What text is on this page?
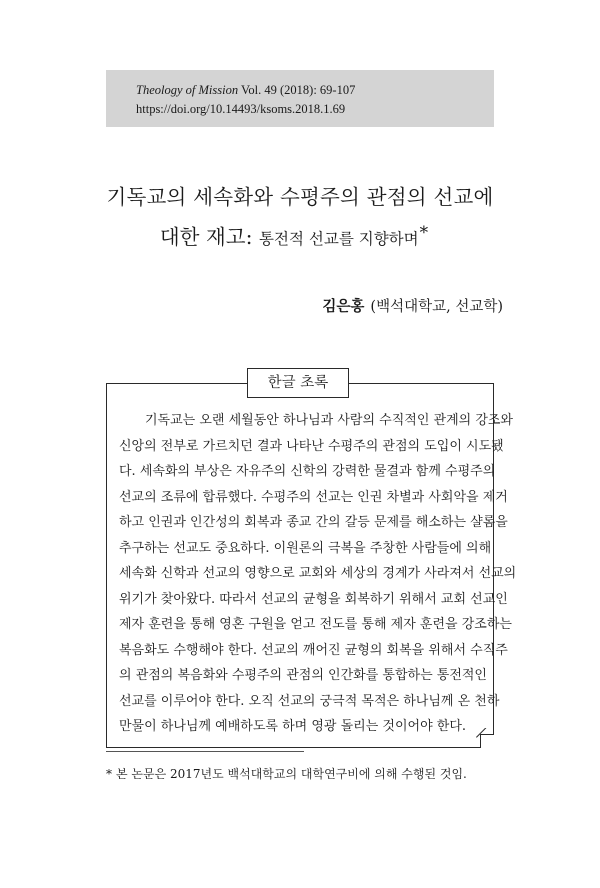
Theology of Mission Vol. 49 (2018): 69-107
https://doi.org/10.14493/ksoms.2018.1.69
기독교의 세속화와 수평주의 관점의 선교에
대한 재고: 통전적 선교를 지향하며*
김은홍 (백석대학교, 선교학)
한글 초록
기독교는 오랜 세월동안 하나님과 사람의 수직적인 관계의 강조와
신앙의 전부로 가르치던 결과 나타난 수평주의 관점의 도입이 시도됐
다. 세속화의 부상은 자유주의 신학의 강력한 물결과 함께 수평주의
선교의 조류에 합류했다. 수평주의 선교는 인권 차별과 사회악을 제거
하고 인권과 인간성의 회복과 종교 간의 갈등 문제를 해소하는 샬롬을
추구하는 선교도 중요하다. 이원론의 극복을 주창한 사람들에 의해
세속화 신학과 선교의 영향으로 교회와 세상의 경계가 사라져서 선교의
위기가 찾아왔다. 따라서 선교의 균형을 회복하기 위해서 교회 선교인
제자 훈련을 통해 영혼 구원을 얻고 전도를 통해 제자 훈련을 강조하는
복음화도 수행해야 한다. 선교의 깨어진 균형의 회복을 위해서 수직주
의 관점의 복음화와 수평주의 관점의 인간화를 통합하는 통전적인
선교를 이루어야 한다. 오직 선교의 궁극적 목적은 하나님께 온 천하
만물이 하나님께 예배하도록 하며 영광 돌리는 것이어야 한다.
* 본 논문은 2017년도 백석대학교의 대학연구비에 의해 수행된 것임.
